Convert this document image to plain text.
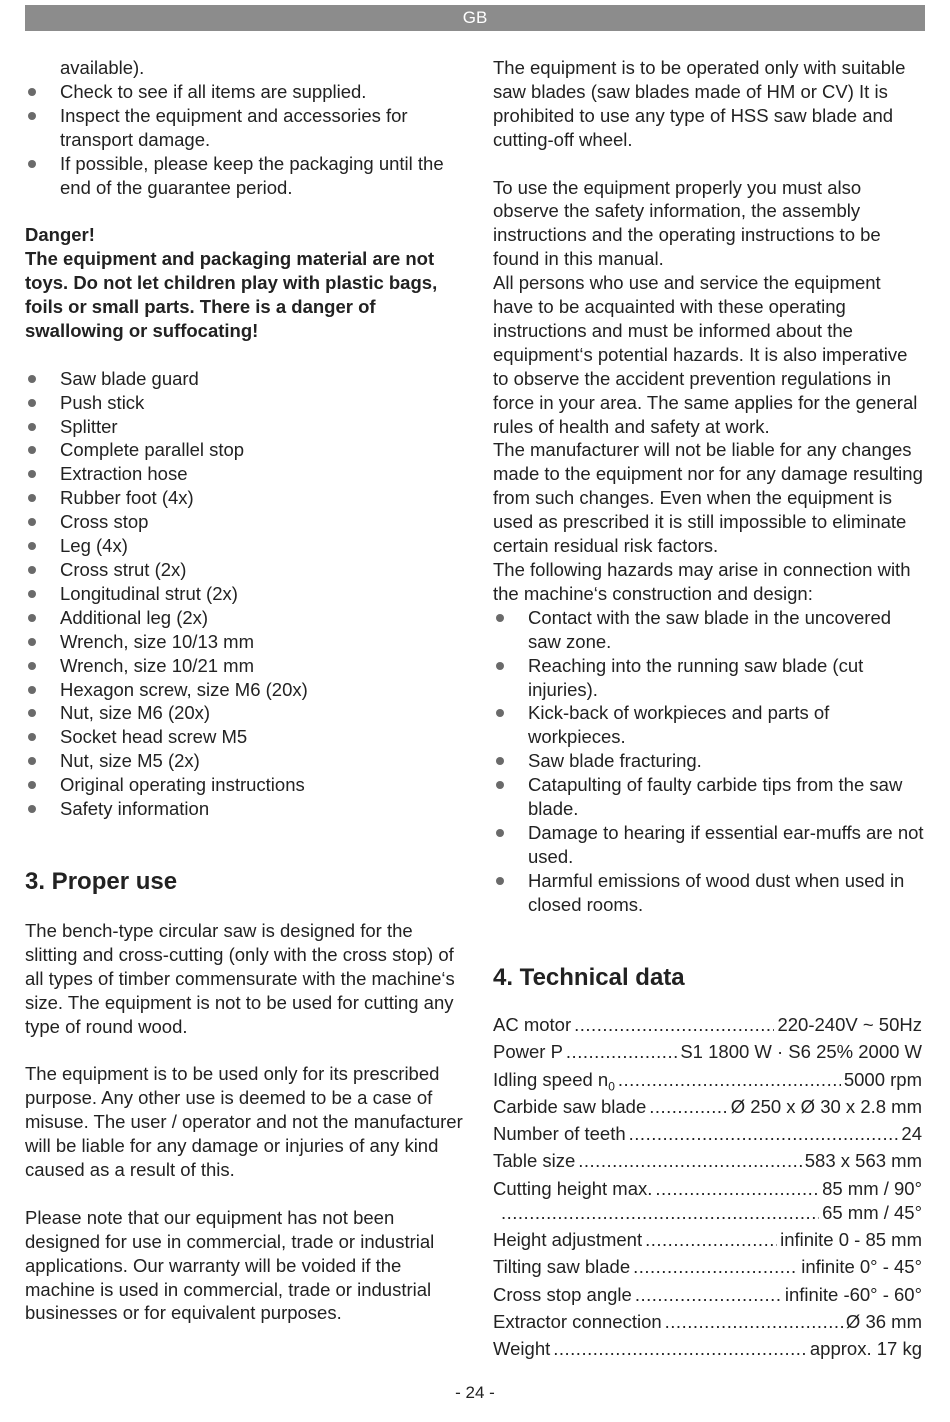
GB

available).

Check to see if all items are supplied.
Inspect the equipment and accessories for transport damage.
If possible, please keep the packaging until the end of the guarantee period.

Danger!

The equipment and packaging material are not toys. Do not let children play with plastic bags, foils or small parts. There is a danger of swallowing or suffocating!

Saw blade guard
Push stick
Splitter
Complete parallel stop
Extraction hose
Rubber foot (4x)
Cross stop
Leg (4x)
Cross strut (2x)
Longitudinal strut (2x)
Additional leg (2x)
Wrench, size 10/13 mm
Wrench, size 10/21 mm
Hexagon screw, size M6 (20x)
Nut, size M6 (20x)
Socket head screw M5
Nut, size M5 (2x)
Original operating instructions
Safety information
3. Proper use

The bench-type circular saw is designed for the slitting and cross-cutting (only with the cross stop) of all types of timber commensurate with the machine‘s size. The equipment is not to be used for cutting any type of round wood.

The equipment is to be used only for its prescribed purpose. Any other use is deemed to be a case of misuse. The user / operator and not the manufacturer will be liable for any damage or injuries of any kind caused as a result of this.

Please note that our equipment has not been designed for use in commercial, trade or industrial applications. Our warranty will be voided if the machine is used in commercial, trade or industrial businesses or for equivalent purposes.

The equipment is to be operated only with suitable saw blades (saw blades made of HM or CV) It is prohibited to use any type of HSS saw blade and cutting-off wheel.

To use the equipment properly you must also observe the safety information, the assembly instructions and the operating instructions to be found in this manual.

All persons who use and service the equipment have to be acquainted with these operating instructions and must be informed about the equipment‘s potential hazards. It is also imperative to observe the accident prevention regulations in force in your area. The same applies for the general rules of health and safety at work.

The manufacturer will not be liable for any changes made to the equipment nor for any damage resulting from such changes. Even when the equipment is used as prescribed it is still impossible to eliminate certain residual risk factors.

The following hazards may arise in connection with the machine‘s construction and design:

Contact with the saw blade in the uncovered saw zone.
Reaching into the running saw blade (cut injuries).
Kick-back of workpieces and parts of workpieces.
Saw blade fracturing.
Catapulting of faulty carbide tips from the saw blade.
Damage to hearing if essential ear-muffs are not used.
Harmful emissions of wood dust when used in closed rooms.
4. Technical data
AC motor .....	220-240V ~ 50Hz
Power P .....	S1 1800 W · S6 25% 2000 W
Idling speed $n_0$ .....	5000 rpm
Carbide saw blade .....	Ø 250 x Ø 30 x 2.8 mm
Number of teeth .....	24
Table size .....	583 x 563 mm
Cutting height max. .....	85 mm / 90°
.....
65 mm / 45°
Height adjustment .....	infinite 0 - 85 mm
Tilting saw blade .....	infinite 0° - 45°
Cross stop angle .....	infinite -60° - 60°
Extractor connection .....	Ø 36 mm
Weight .....	approx. 17 kg
- 24 -
